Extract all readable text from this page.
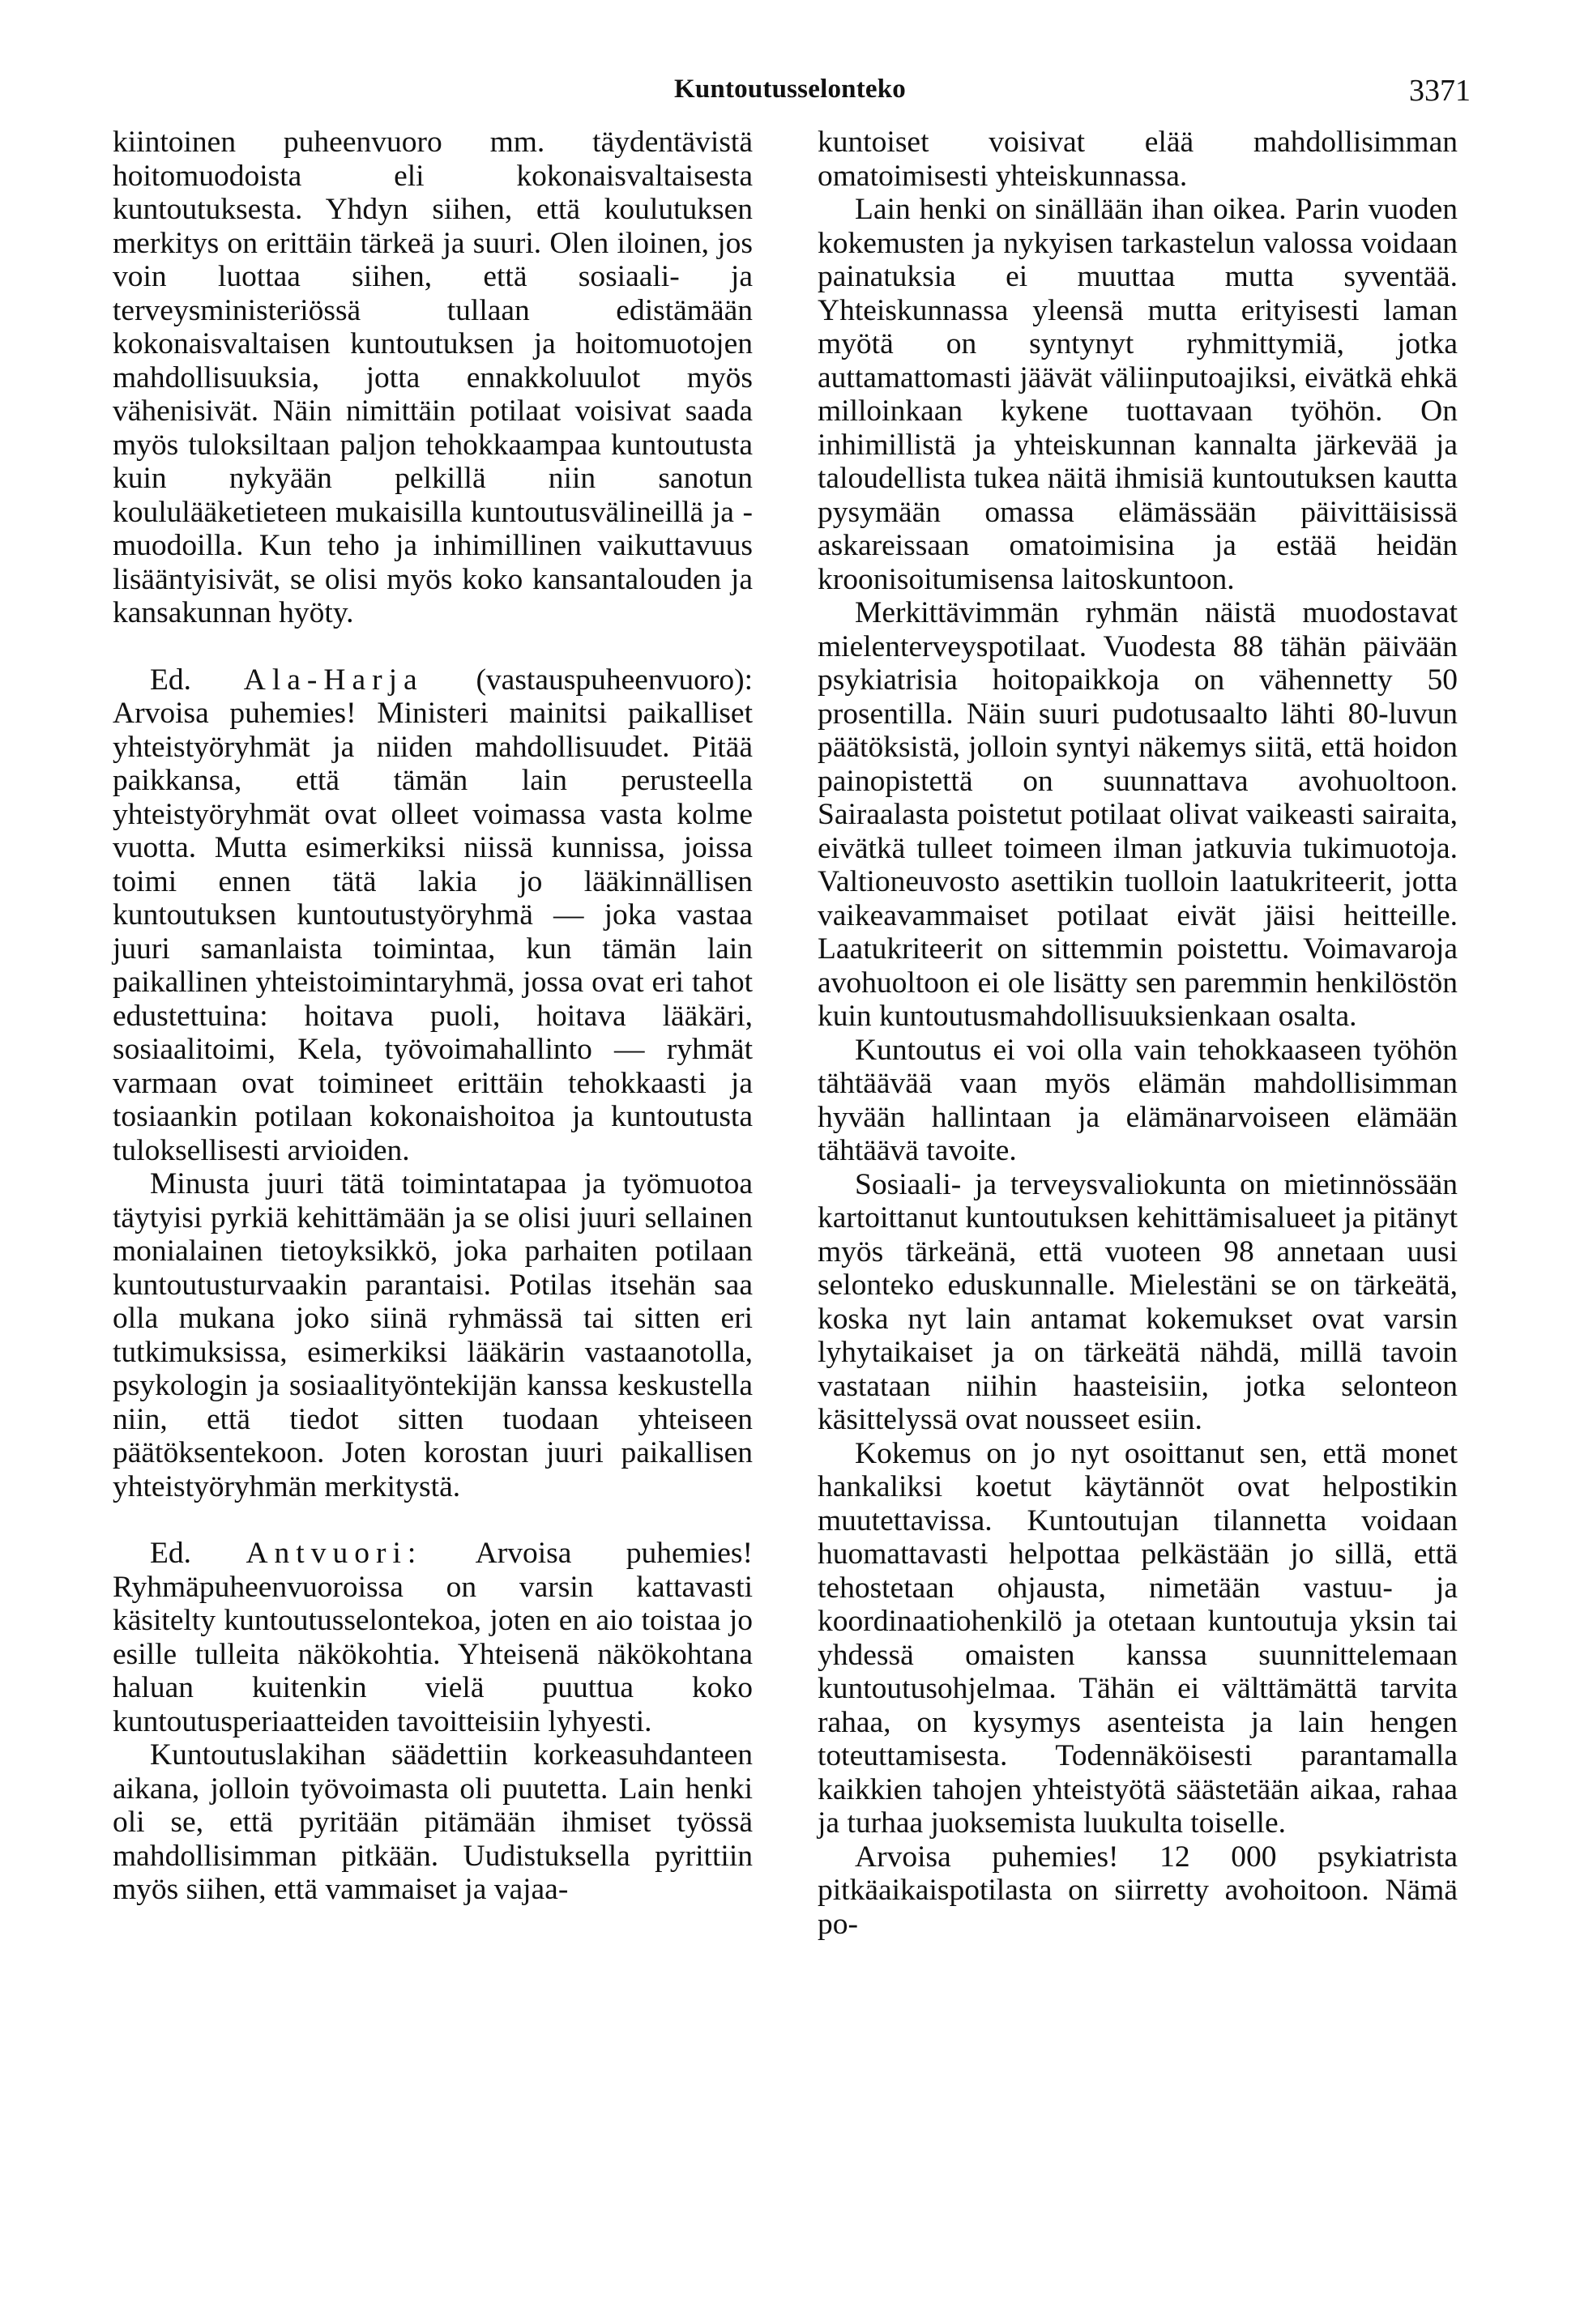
Kuntoutusselonteko	3371

kiintoinen puheenvuoro mm. täydentävistä hoitomuodoista eli kokonaisvaltaisesta kuntoutuksesta. Yhdyn siihen, että koulutuksen merkitys on erittäin tärkeä ja suuri. Olen iloinen, jos voin luottaa siihen, että sosiaali- ja terveysministeriössä tullaan edistämään kokonaisvaltaisen kuntoutuksen ja hoitomuotojen mahdollisuuksia, jotta ennakkoluulot myös vähenisivät. Näin nimittäin potilaat voisivat saada myös tuloksiltaan paljon tehokkaampaa kuntoutusta kuin nykyään pelkillä niin sanotun koululääketieteen mukaisilla kuntoutusvälineillä ja -muodoilla. Kun teho ja inhimillinen vaikuttavuus lisääntyisivät, se olisi myös koko kansantalouden ja kansakunnan hyöty.

Ed. Ala-Harja (vastauspuheenvuoro): Arvoisa puhemies! Ministeri mainitsi paikalliset yhteistyöryhmät ja niiden mahdollisuudet. Pitää paikkansa, että tämän lain perusteella yhteistyöryhmät ovat olleet voimassa vasta kolme vuotta. Mutta esimerkiksi niissä kunnissa, joissa toimi ennen tätä lakia jo lääkinnällisen kuntoutuksen kuntoutustyöryhmä — joka vastaa juuri samanlaista toimintaa, kun tämän lain paikallinen yhteistoimintaryhmä, jossa ovat eri tahot edustettuina: hoitava puoli, hoitava lääkäri, sosiaalitoimi, Kela, työvoimahallinto — ryhmät varmaan ovat toimineet erittäin tehokkaasti ja tosiaankin potilaan kokonaishoitoa ja kuntoutusta tuloksellisesti arvioiden.

Minusta juuri tätä toimintatapaa ja työmuotoa täytyisi pyrkiä kehittämään ja se olisi juuri sellainen monialainen tietoyksikkö, joka parhaiten potilaan kuntoutusturvaakin parantaisi. Potilas itsehän saa olla mukana joko siinä ryhmässä tai sitten eri tutkimuksissa, esimerkiksi lääkärin vastaanotolla, psykologin ja sosiaalityöntekijän kanssa keskustella niin, että tiedot sitten tuodaan yhteiseen päätöksentekoon. Joten korostan juuri paikallisen yhteistyöryhmän merkitystä.

Ed. Antvuori: Arvoisa puhemies! Ryhmäpuheenvuoroissa on varsin kattavasti käsitelty kuntoutusselontekoa, joten en aio toistaa jo esille tulleita näkökohtia. Yhteisenä näkökohtana haluan kuitenkin vielä puuttua koko kuntoutusperiaatteiden tavoitteisiin lyhyesti.

Kuntoutuslakihan säädettiin korkeasuhdanteen aikana, jolloin työvoimasta oli puutetta. Lain henki oli se, että pyritään pitämään ihmiset työssä mahdollisimman pitkään. Uudistuksella pyrittiin myös siihen, että vammaiset ja vajaa-

kuntoiset voisivat elää mahdollisimman omatoimisesti yhteiskunnassa.

Lain henki on sinällään ihan oikea. Parin vuoden kokemusten ja nykyisen tarkastelun valossa voidaan painatuksia ei muuttaa mutta syventää. Yhteiskunnassa yleensä mutta erityisesti laman myötä on syntynyt ryhmittymiä, jotka auttamattomasti jäävät väliinputoajiksi, eivätkä ehkä milloinkaan kykene tuottavaan työhön. On inhimillistä ja yhteiskunnan kannalta järkevää ja taloudellista tukea näitä ihmisiä kuntoutuksen kautta pysymään omassa elämässään päivittäisissä askareissaan omatoimisina ja estää heidän kroonisoitumisensa laitoskuntoon.

Merkittävimmän ryhmän näistä muodostavat mielenterveyspotilaat. Vuodesta 88 tähän päivään psykiatrisia hoitopaikkoja on vähennetty 50 prosentilla. Näin suuri pudotusaalto lähti 80-luvun päätöksistä, jolloin syntyi näkemys siitä, että hoidon painopistettä on suunnattava avohuoltoon. Sairaalasta poistetut potilaat olivat vaikeasti sairaita, eivätkä tulleet toimeen ilman jatkuvia tukimuotoja. Valtioneuvosto asettikin tuolloin laatukriteerit, jotta vaikeavammaiset potilaat eivät jäisi heitteille. Laatukriteerit on sittemmin poistettu. Voimavaroja avohuoltoon ei ole lisätty sen paremmin henkilöstön kuin kuntoutusmahdollisuuksienkaan osalta.

Kuntoutus ei voi olla vain tehokkaaseen työhön tähtäävää vaan myös elämän mahdollisimman hyvään hallintaan ja elämänarvoiseen elämään tähtäävä tavoite.

Sosiaali- ja terveysvaliokunta on mietinnössään kartoittanut kuntoutuksen kehittämisalueet ja pitänyt myös tärkeänä, että vuoteen 98 annetaan uusi selonteko eduskunnalle. Mielestäni se on tärkeätä, koska nyt lain antamat kokemukset ovat varsin lyhytaikaiset ja on tärkeätä nähdä, millä tavoin vastataan niihin haasteisiin, jotka selonteon käsittelyssä ovat nousseet esiin.

Kokemus on jo nyt osoittanut sen, että monet hankaliksi koetut käytännöt ovat helpostikin muutettavissa. Kuntoutujan tilannetta voidaan huomattavasti helpottaa pelkästään jo sillä, että tehostetaan ohjausta, nimetään vastuu- ja koordinaatiohenkilö ja otetaan kuntoutuja yksin tai yhdessä omaisten kanssa suunnittelemaan kuntoutusohjelmaa. Tähän ei välttämättä tarvita rahaa, on kysymys asenteista ja lain hengen toteuttamisesta. Todennäköisesti parantamalla kaikkien tahojen yhteistyötä säästetään aikaa, rahaa ja turhaa juoksemista luukulta toiselle.

Arvoisa puhemies! 12 000 psykiatrista pitkäaikaispotilasta on siirretty avohoitoon. Nämä po-
